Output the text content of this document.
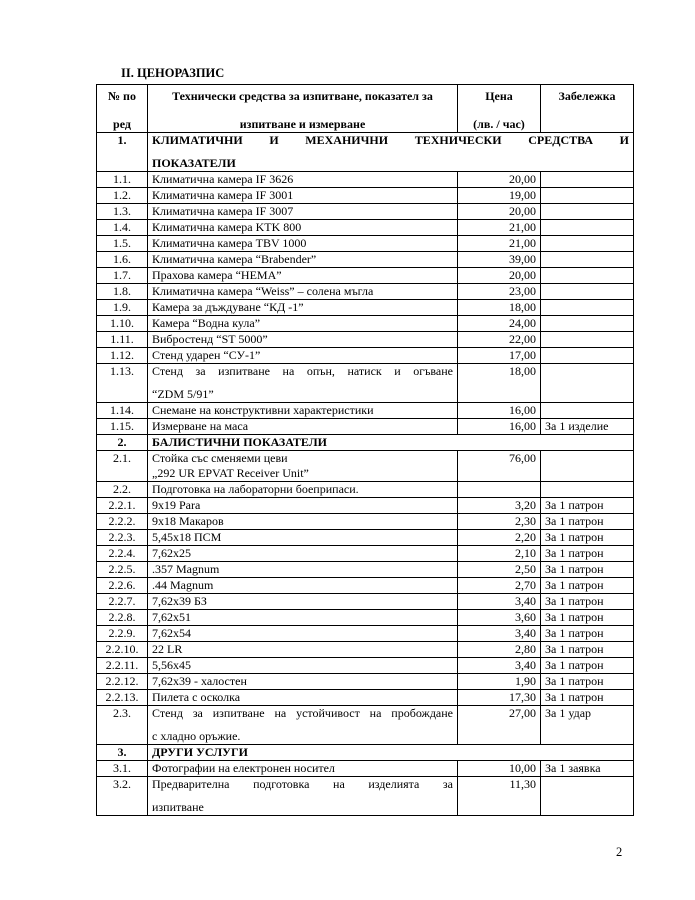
II. ЦЕНОРАЗПИС
№ по
ред	Технически средства за изпитване, показател за
изпитване и измерване	Цена
(лв. / час)	Забележка

1.	КЛИМАТИЧНИ И МЕХАНИЧНИ ТЕХНИЧЕСКИ СРЕДСТВА И
ПОКАЗАТЕЛИ		

1.1.	Климатична камера IF 3626	20,00	
1.2.	Климатична камера IF 3001	19,00	
1.3.	Климатична камера IF 3007	20,00	
1.4.	Климатична камера KTK 800	21,00	
1.5.	Климатична камера TBV 1000	21,00	
1.6.	Климатична камера “Brabender”	39,00	
1.7.	Прахова камера “НЕМА”	20,00	
1.8.	Климатична камера “Weiss” – солена мъгла	23,00	
1.9.	Камера за дъждуване “КД -1”	18,00	
1.10.	Камера “Водна кула”	24,00	
1.11.	Вибростенд “ST 5000”	22,00	
1.12.	Стенд ударен “СУ-1”	17,00	
1.13.	Стенд за изпитване на опън, натиск и огъване
“ZDM 5/91”	18,00	
1.14.	Снемане на конструктивни характеристики	16,00	
1.15.	Измерване на маса	16,00	За 1 изделие
2.	БАЛИСТИЧНИ ПОКАЗАТЕЛИ		
2.1.	Стойка със сменяеми цеви
„292 UR EPVAT Receiver Unit”	76,00	
2.2.	Подготовка на лабораторни боеприпаси.		
2.2.1.	9х19 Para	3,20	За 1 патрон
2.2.2.	9х18 Макаров	2,30	За 1 патрон
2.2.3.	5,45х18 ПСМ	2,20	За 1 патрон
2.2.4.	7,62х25	2,10	За 1 патрон
2.2.5.	.357 Magnum	2,50	За 1 патрон
2.2.6.	.44 Magnum	2,70	За 1 патрон
2.2.7.	7,62х39 БЗ	3,40	За 1 патрон
2.2.8.	7,62х51	3,60	За 1 патрон
2.2.9.	7,62х54	3,40	За 1 патрон
2.2.10.	22 LR	2,80	За 1 патрон
2.2.11.	5,56х45	3,40	За 1 патрон
2.2.12.	7,62х39 - халостен	1,90	За 1 патрон
2.2.13.	Пилета с осколка	17,30	За 1 патрон
2.3.	Стенд за изпитване на устойчивост на пробождане
с хладно оръжие.	27,00	За 1 удар
3.	ДРУГИ УСЛУГИ		
3.1.	Фотографии на електронен носител	10,00	За 1 заявка
3.2.	Предварителна подготовка на изделията за
изпитване	11,30	
2
